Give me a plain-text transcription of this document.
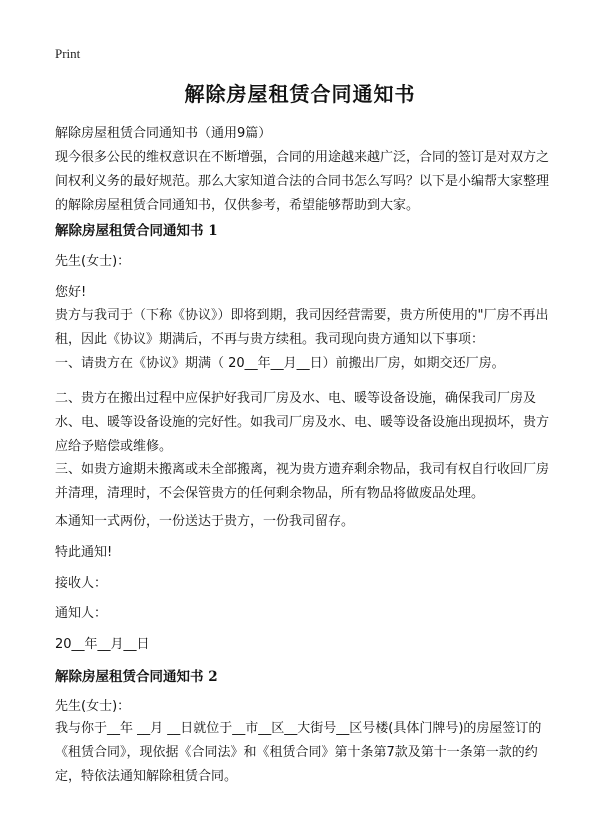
Print
解除房屋租赁合同通知书
解除房屋租赁合同通知书（通用9篇）

现今很多公民的维权意识在不断增强，合同的用途越来越广泛，合同的签订是对双方之间权利义务的最好规范。那么大家知道合法的合同书怎么写吗？以下是小编帮大家整理的解除房屋租赁合同通知书，仅供参考，希望能够帮助到大家。

解除房屋租赁合同通知书 1
先生(女士)：
您好!

贵方与我司于（下称《协议》）即将到期，我司因经营需要，贵方所使用的"厂房不再出租，因此《协议》期满后，不再与贵方续租。我司现向贵方通知以下事项：

一、请贵方在《协议》期满（ 20__年__月__日）前搬出厂房，如期交还厂房。

二、贵方在搬出过程中应保护好我司厂房及水、电、暖等设备设施，确保我司厂房及水、电、暖等设备设施的完好性。如我司厂房及水、电、暖等设备设施出现损坏，贵方应给予赔偿或维修。

三、如贵方逾期未搬离或未全部搬离，视为贵方遗弃剩余物品，我司有权自行收回厂房并清理，清理时，不会保管贵方的任何剩余物品，所有物品将做废品处理。

本通知一式两份，一份送达于贵方，一份我司留存。
特此通知!
接收人：
通知人：
20__年__月__日
解除房屋租赁合同通知书 2
先生(女士)：

我与你于__年 __月 __日就位于__市__区__大街号__区号楼(具体门牌号)的房屋签订的《租赁合同》，现依据《合同法》和《租赁合同》第十条第7款及第十一条第一款的约定，特依法通知解除租赁合同。
